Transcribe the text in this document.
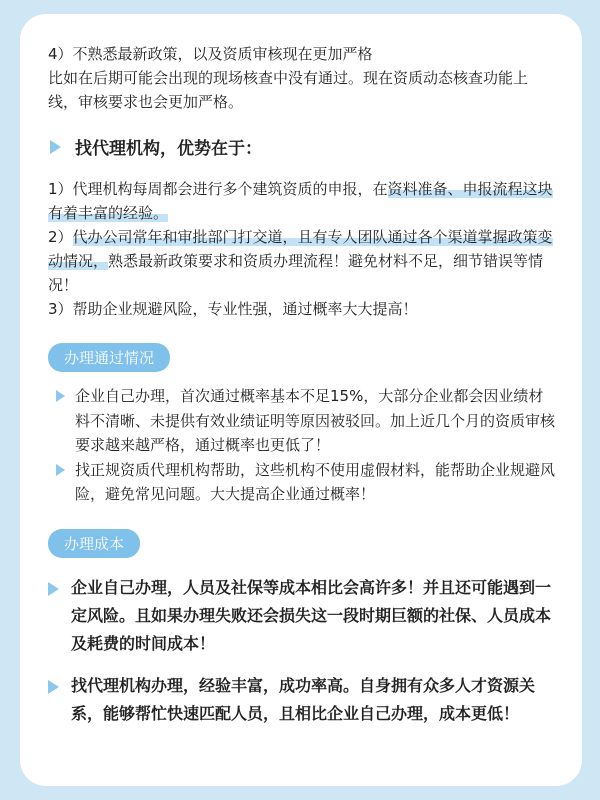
4）不熟悉最新政策，以及资质审核现在更加严格

比如在后期可能会出现的现场核查中没有通过。现在资质动态核查功能上线，审核要求也会更加严格。

找代理机构，优势在于：

1）代理机构每周都会进行多个建筑资质的申报，在资料准备、申报流程这块有着丰富的经验。

2）代办公司常年和审批部门打交道，且有专人团队通过各个渠道掌握政策变动情况，熟悉最新政策要求和资质办理流程！避免材料不足，细节错误等情况！

3）帮助企业规避风险，专业性强，通过概率大大提高！

办理通过情况
企业自己办理，首次通过概率基本不足15%，大部分企业都会因业绩材料不清晰、未提供有效业绩证明等原因被驳回。加上近几个月的资质审核要求越来越严格，通过概率也更低了！
找正规资质代理机构帮助，这些机构不使用虚假材料，能帮助企业规避风险，避免常见问题。大大提高企业通过概率！
办理成本
企业自己办理，人员及社保等成本相比会高许多！并且还可能遇到一定风险。且如果办理失败还会损失这一段时期巨额的社保、人员成本及耗费的时间成本！
找代理机构办理，经验丰富，成功率高。自身拥有众多人才资源关系，能够帮忙快速匹配人员，且相比企业自己办理，成本更低！
